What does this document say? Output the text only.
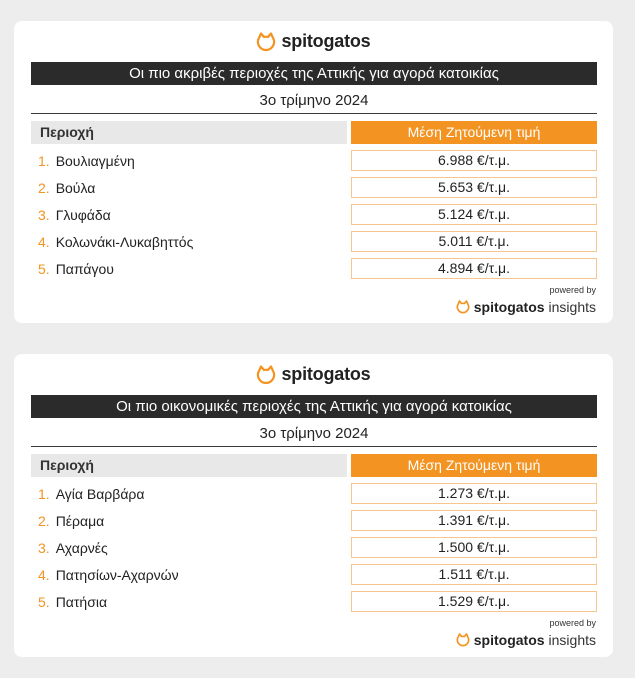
spitogatos
Οι πιο ακριβές περιοχές της Αττικής για αγορά κατοικίας
3ο τρίμηνο 2024
Περιοχή	Μέση Ζητούμενη τιμή
1. Βουλιαγμένη	6.988 €/τ.μ.
2. Βούλα	5.653 €/τ.μ.
3. Γλυφάδα	5.124 €/τ.μ.
4. Κολωνάκι-Λυκαβηττός	5.011 €/τ.μ.
5. Παπάγου	4.894 €/τ.μ.
powered by
spitogatos insights
spitogatos
Οι πιο οικονομικές περιοχές της Αττικής για αγορά κατοικίας
3ο τρίμηνο 2024
Περιοχή	Μέση Ζητούμενη τιμή
1. Αγία Βαρβάρα	1.273 €/τ.μ.
2. Πέραμα	1.391 €/τ.μ.
3. Αχαρνές	1.500 €/τ.μ.
4. Πατησίων-Αχαρνών	1.511 €/τ.μ.
5. Πατήσια	1.529 €/τ.μ.
powered by
spitogatos insights
